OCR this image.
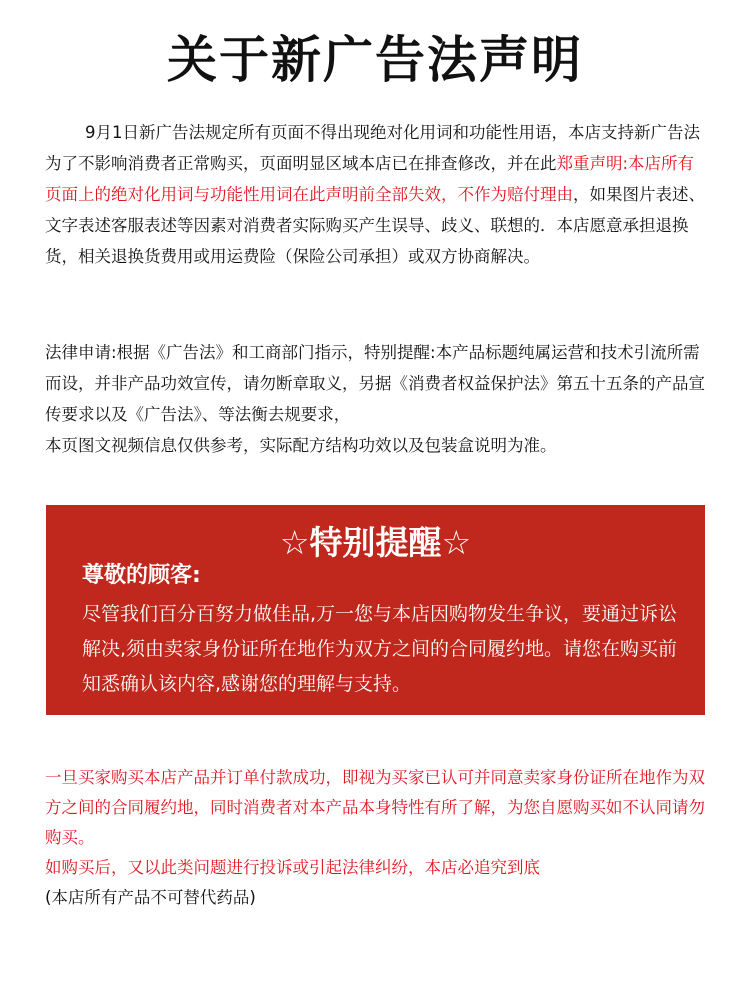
关于新广告法声明
9月1日新广告法规定所有页面不得出现绝对化用词和功能性用语，本店支持新广告法为了不影响消费者正常购买，页面明显区域本店已在排查修改，并在此郑重声明:本店所有页面上的绝对化用词与功能性用词在此声明前全部失效，不作为赔付理由，如果图片表述、文字表述客服表述等因素对消费者实际购买产生误导、歧义、联想的．本店愿意承担退换货，相关退换货费用或用运费险（保险公司承担）或双方协商解决。
法律申请:根据《广告法》和工商部门指示，特别提醒:本产品标题纯属运营和技术引流所需而设，并非产品功效宣传，请勿断章取义，另据《消费者权益保护法》第五十五条的产品宣传要求以及《广告法》、等法衡去规要求，
本页图文视频信息仅供参考，实际配方结构功效以及包装盒说明为准。
☆特别提醒☆
尊敬的顾客:
尽管我们百分百努力做佳品,万一您与本店因购物发生争议，要通过诉讼解决,须由卖家身份证所在地作为双方之间的合同履约地。请您在购买前知悉确认该内容,感谢您的理解与支持。
一旦买家购买本店产品并订单付款成功，即视为买家已认可并同意卖家身份证所在地作为双方之间的合同履约地，同时消费者对本产品本身特性有所了解，为您自愿购买如不认同请勿购买。
如购买后，又以此类问题进行投诉或引起法律纠纷，本店必追究到底
(本店所有产品不可替代药品)
